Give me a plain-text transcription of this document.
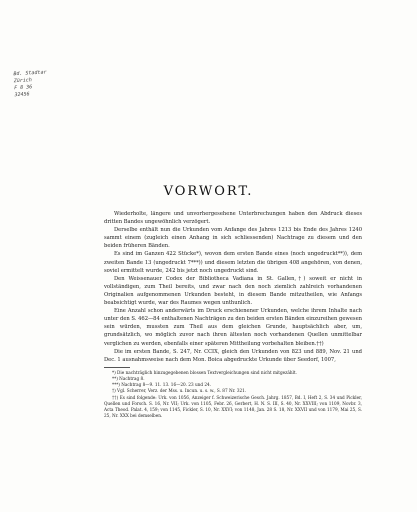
Bd. Stadtar
Zürich
F 8 36
32456
VORWORT.

Wiederholte, längere und unvorhergesehene Unterbrechungen haben den Abdruck dieses dritten Bandes ungewöhnlich verzögert.

Derselbe enthält nun die Urkunden vom Anfange des Jahres 1213 bis Ende des Jahres 1240 sammt einem (zugleich einen Anhang in sich schliessenden) Nachtrage zu diesem und den beiden früheren Bänden.

Es sind im Ganzen 422 Stücke*), wovon dem ersten Bande eines (noch ungedruckt**)), dem zweiten Bande 13 (ungedruckt 7***)) und diesem letzten die übrigen 408 angehören, von denen, soviel ermittelt wurde, 242 bis jetzt noch ungedruckt sind.

Den Weissenauer Codex der Bibliotheca Vadiana in St. Gallen,†) soweit er nicht in vollständigen, zum Theil bereits, und zwar nach den noch ziemlich zahlreich vorhandenen Originalien aufgenommenen Urkunden besteht, in diesem Bande mitzutheilen, wie Anfangs beabsichtigt wurde, war des Raumes wegen unthunlich.

Eine Anzahl schon anderwärts im Druck erschienener Urkunden, welche ihrem Inhalte nach unter den S. 462—84 enthaltenen Nachträgen zu den beiden ersten Bänden einzureihen gewesen sein würden, mussten zum Theil aus dem gleichen Grunde, hauptsächlich aber, um, grundsätzlich, wo möglich zuvor nach ihren ältesten noch vorhandenen Quellen unmittelbar verglichen zu werden, ebenfalls einer späteren Mittheilung vorbehalten bleiben.††)

Die im ersten Bande, S. 247, Nr. CCIX, gleich den Urkunden von 823 und 889, Nov. 21 und Dec. 1 ausnahmsweise nach dem Mon. Boica abgedruckte Urkunde über Seedorf, 1007,

*) Die nachträglich hinzugegebenen blossen Textvergleichungen sind nicht mitgezählt.

**) Nachtrag 8.

***) Nachtrag 8—9. 11. 13. 16—20. 23 und 24.

†) Vgl. Scherrer, Verz. der Mss. u. Incun. u. s. w., S. 87 Nr. 321.

††) Es sind folgende: Urk. von 1056, Anzeiger f. Schweizerische Gesch. Jahrg. 1857, Bd. I, Heft 2, S. 34 und Pickler, Quellen und Forsch. S. 16, Nr. VII; Urk. von 1105, Febr. 26, Gerbert, H. N. S. III, S. 40, Nr. XXVIII; von 1109, Novbr. 3, Acta Theod. Palat. 4, 159; von 1145, Fickler, S. 10, Nr. XXVI; von 1148, Jan. 28 S. 18, Nr. XXVII und von 1179, Mai 25, S. 25, Nr. XXX bei demselben.
